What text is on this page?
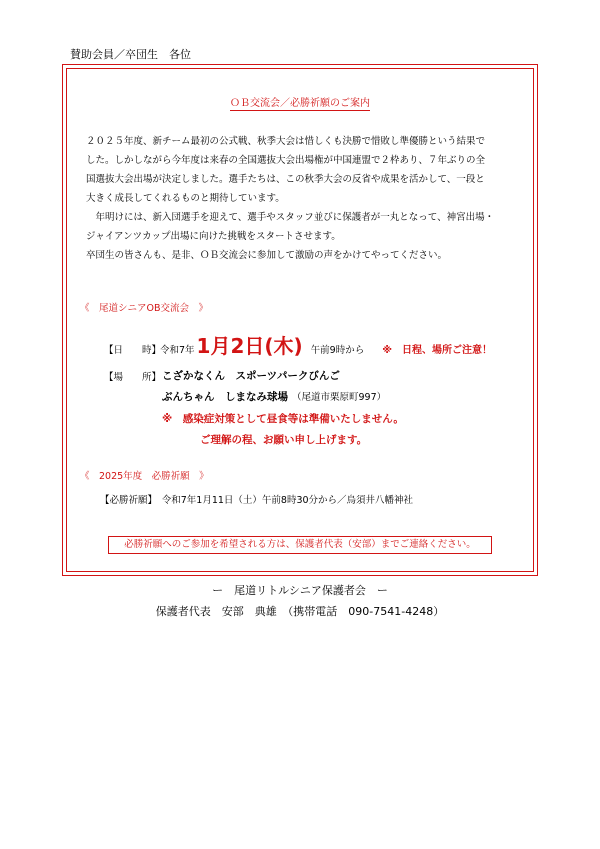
賛助会員／卒団生　各位
ＯＢ交流会／必勝祈願のご案内
２０２５年度、新チーム最初の公式戦、秋季大会は惜しくも決勝で惜敗し準優勝という結果で
した。しかしながら今年度は来春の全国選抜大会出場権が中国連盟で２枠あり、７年ぶりの全
国選抜大会出場が決定しました。選手たちは、この秋季大会の反省や成果を活かして、一段と
大きく成長してくれるものと期待しています。
　年明けには、新入団選手を迎えて、選手やスタッフ並びに保護者が一丸となって、神宮出場・
ジャイアンツカップ出場に向けた挑戦をスタートさせます。
卒団生の皆さんも、是非、ＯＢ交流会に参加して激励の声をかけてやってください。
《　尾道シニアOB交流会　》
【日　　時】
令和7年 1月2日(木) 午前9時から ※　日程、場所ご注意！
【場　　所】 こざかなくん　スポーツパークびんご
ぶんちゃん　しまなみ球場 （尾道市栗原町997）
※　感染症対策として昼食等は準備いたしません。
ご理解の程、お願い申し上げます。
《　2025年度　必勝祈願　》
【必勝祈願】　令和7年1月11日（土）午前8時30分から／烏須井八幡神社
必勝祈願へのご参加を希望される方は、保護者代表（安部）までご連絡ください。
ー　尾道リトルシニア保護者会　ー
保護者代表　安部　典雄　（携帯電話　090-7541-4248）
